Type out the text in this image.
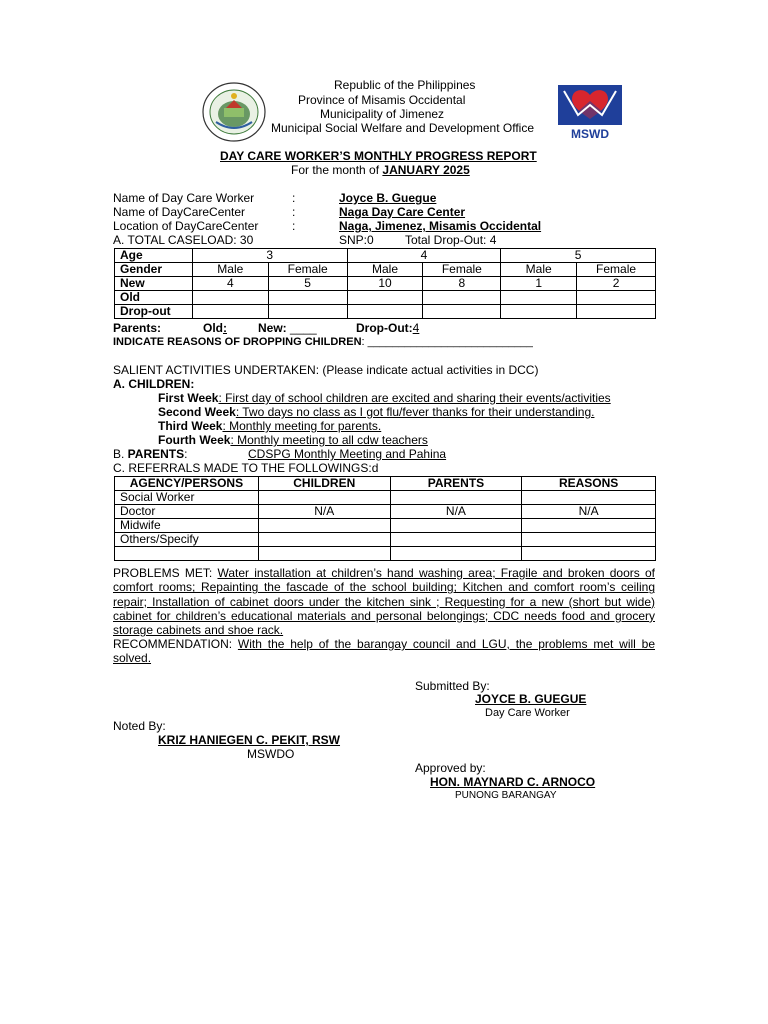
MSWD
Republic of the Philippines
Province of Misamis Occidental
Municipality of Jimenez
Municipal Social Welfare and Development Office
DAY CARE WORKER’S MONTHLY PROGRESS REPORT
For the month of JANUARY 2025
Name of Day Care Worker	:	Joyce B. Guegue
Name of DayCareCenter	:	Naga Day Care Center
Location of DayCareCenter	:	Naga, Jimenez, Misamis Occidental
A. TOTAL CASELOAD: 30	SNP:0	Total Drop-Out: 4
Age	3		4		5	
Gender	Male	Female	Male	Female	Male	Female
New	4	5	10	8	1	2
Old						
Drop-out						
Parents:	Old:	New: ____	Drop-Out:4
INDICATE REASONS OF DROPPING CHILDREN: ___________________________
SALIENT ACTIVITIES UNDERTAKEN: (Please indicate actual activities in DCC)
A. CHILDREN:
First Week: First day of school children are excited and sharing their events/activities
Second Week: Two days no class as I got flu/fever thanks for their understanding.
Third Week: Monthly meeting for parents.
Fourth Week: Monthly meeting to all cdw teachers
B. PARENTS:	CDSPG Monthly Meeting and Pahina
C. REFERRALS MADE TO THE FOLLOWINGS:d
AGENCY/PERSONS	CHILDREN	PARENTS	REASONS
Social Worker			
Doctor	N/A	N/A	N/A
Midwife			
Others/Specify			

PROBLEMS MET: Water installation at children’s hand washing area; Fragile and broken doors of comfort rooms; Repainting the fascade of the school building; Kitchen and comfort room’s ceiling repair; Installation of cabinet doors under the kitchen sink ; Requesting for a new (short but wide) cabinet for children’s educational materials and personal belongings; CDC needs food and grocery storage cabinets and shoe rack.
RECOMMENDATION: With the help of the barangay council and LGU, the problems met will be solved.
Submitted By:
JOYCE B. GUEGUE
Day Care Worker
Noted By:
KRIZ HANIEGEN C. PEKIT, RSW
MSWDO
Approved by:
HON. MAYNARD C. ARNOCO
PUNONG BARANGAY
